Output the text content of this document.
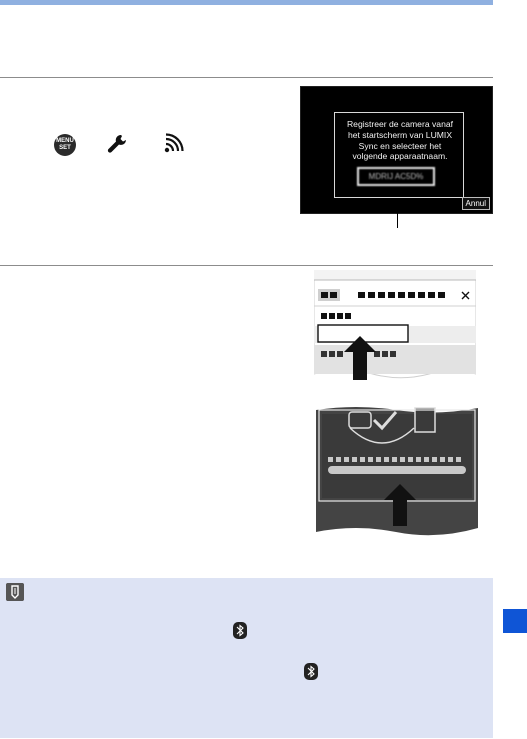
MENU
SET
Registreer de camera vanaf het startscherm van LUMIX Sync en selecteer het volgende apparaatnaam.
MDRIJ AC5D%
Annul
